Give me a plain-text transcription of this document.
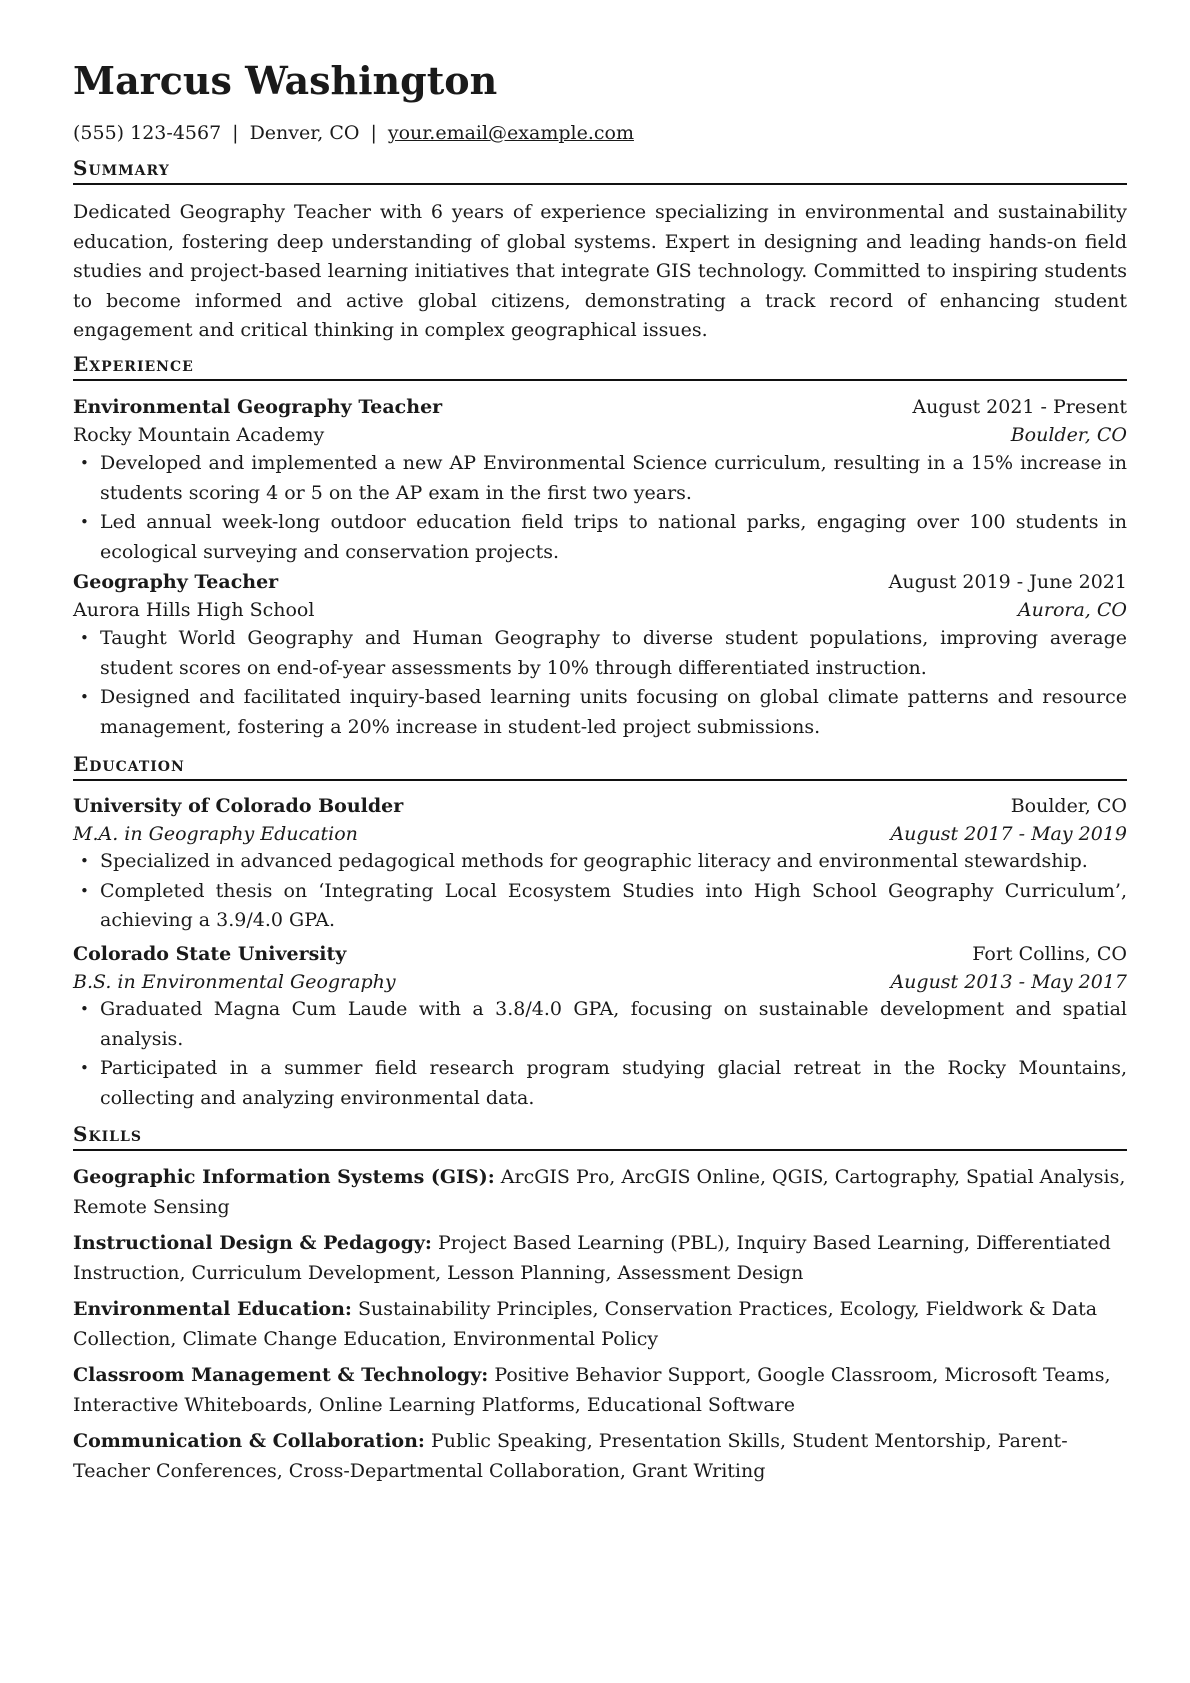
Marcus Washington
(555) 123-4567 | Denver, CO | your.email@example.com
Summary
Dedicated Geography Teacher with 6 years of experience specializing in environmental and sustainability education, fostering deep understanding of global systems. Expert in designing and leading hands-on field studies and project-based learning initiatives that integrate GIS technology. Committed to inspiring students to become informed and active global citizens, demonstrating a track record of enhancing student engagement and critical thinking in complex geographical issues.
Experience
Environmental Geography Teacher	August 2021 - Present
Rocky Mountain Academy	Boulder, CO
• Developed and implemented a new AP Environmental Science curriculum, resulting in a 15% increase in students scoring 4 or 5 on the AP exam in the first two years.
• Led annual week-long outdoor education field trips to national parks, engaging over 100 students in ecological surveying and conservation projects.
Geography Teacher	August 2019 - June 2021
Aurora Hills High School	Aurora, CO
• Taught World Geography and Human Geography to diverse student populations, improving average student scores on end-of-year assessments by 10% through differentiated instruction.
• Designed and facilitated inquiry-based learning units focusing on global climate patterns and resource management, fostering a 20% increase in student-led project submissions.
Education
University of Colorado Boulder	Boulder, CO
M.A. in Geography Education	August 2017 - May 2019
• Specialized in advanced pedagogical methods for geographic literacy and environmental stewardship.
• Completed thesis on ‘Integrating Local Ecosystem Studies into High School Geography Curriculum’, achieving a 3.9/4.0 GPA.
Colorado State University	Fort Collins, CO
B.S. in Environmental Geography	August 2013 - May 2017
• Graduated Magna Cum Laude with a 3.8/4.0 GPA, focusing on sustainable development and spatial analysis.
• Participated in a summer field research program studying glacial retreat in the Rocky Mountains, collecting and analyzing environmental data.
Skills
Geographic Information Systems (GIS): ArcGIS Pro, ArcGIS Online, QGIS, Cartography, Spatial Analysis, Remote Sensing
Instructional Design & Pedagogy: Project Based Learning (PBL), Inquiry Based Learning, Differentiated Instruction, Curriculum Development, Lesson Planning, Assessment Design
Environmental Education: Sustainability Principles, Conservation Practices, Ecology, Fieldwork & Data Collection, Climate Change Education, Environmental Policy
Classroom Management & Technology: Positive Behavior Support, Google Classroom, Microsoft Teams, Interactive Whiteboards, Online Learning Platforms, Educational Software
Communication & Collaboration: Public Speaking, Presentation Skills, Student Mentorship, Parent-Teacher Conferences, Cross-Departmental Collaboration, Grant Writing
